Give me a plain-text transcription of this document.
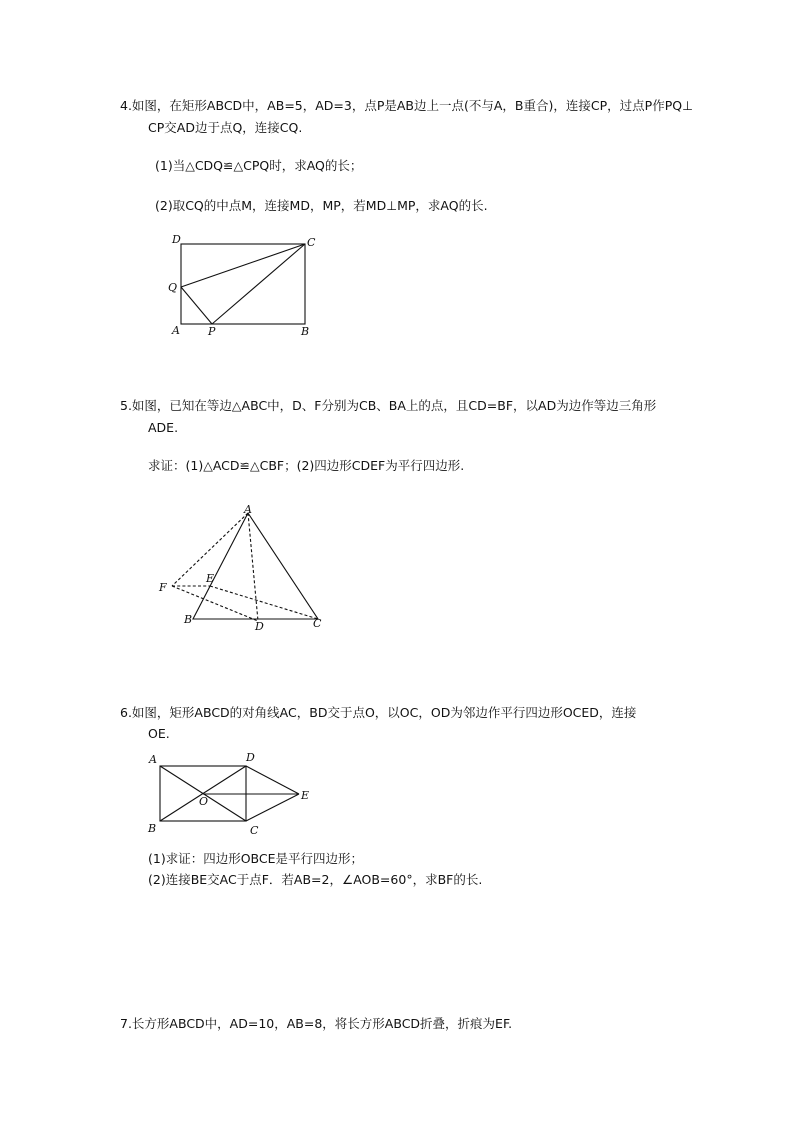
4.如图，在矩形ABCD中，AB=5，AD=3，点P是AB边上一点(不与A，B重合)，连接CP，过点P作PQ⊥
CP交AD边于点Q，连接CQ.
(1)当△CDQ≌△CPQ时，求AQ的长；
(2)取CQ的中点M，连接MD，MP，若MD⊥MP，求AQ的长.
D	C
Q
A	P	B
5.如图，已知在等边△ABC中，D、F分别为CB、BA上的点，且CD=BF，以AD为边作等边三角形
ADE.
求证：(1)△ACD≌△CBF；(2)四边形CDEF为平行四边形.
A
E
F
B
D	C
6.如图，矩形ABCD的对角线AC，BD交于点O，以OC，OD为邻边作平行四边形OCED，连接
OE.
A	D
O	E
B	C
(1)求证：四边形OBCE是平行四边形；
(2)连接BE交AC于点F．若AB=2，∠AOB=60°，求BF的长.
7.长方形ABCD中，AD=10，AB=8，将长方形ABCD折叠，折痕为EF.
